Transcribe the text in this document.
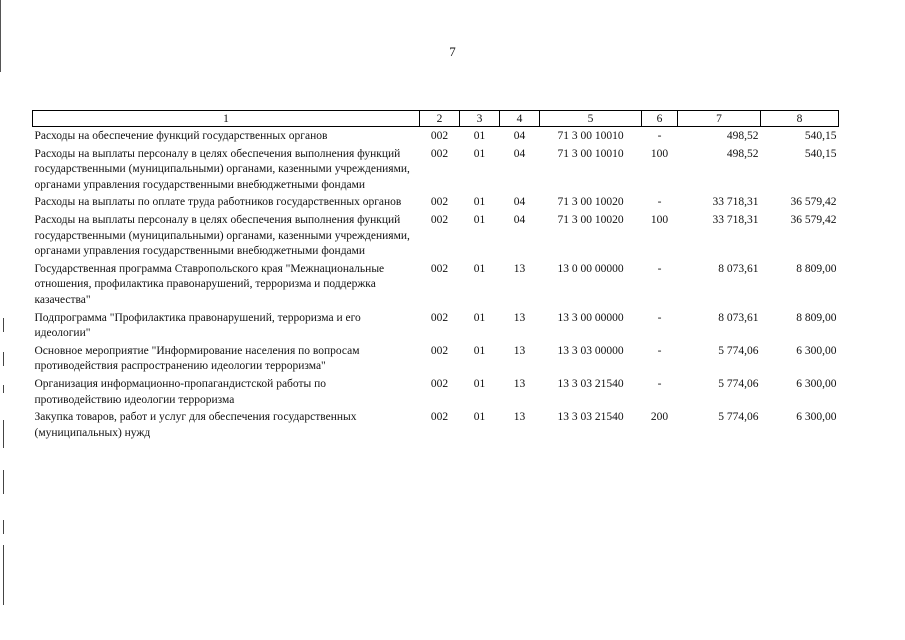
7
1	2	3	4	5	6	7	8
Расходы на обеспечение функций государственных органов	002	01	04	71 3 00 10010	-	498,52	540,15
Расходы на выплаты персоналу в целях обеспечения выполнения функций государственными (муниципальными) органами, казенными учреждениями, органами управления государственными внебюджетными фондами	002	01	04	71 3 00 10010	100	498,52	540,15
Расходы на выплаты по оплате труда работников государственных органов	002	01	04	71 3 00 10020	-	33 718,31	36 579,42
Расходы на выплаты персоналу в целях обеспечения выполнения функций государственными (муниципальными) органами, казенными учреждениями, органами управления государственными внебюджетными фондами	002	01	04	71 3 00 10020	100	33 718,31	36 579,42
Государственная программа Ставропольского края "Межнациональные отношения, профилактика правонарушений, терроризма и поддержка казачества"	002	01	13	13 0 00 00000	-	8 073,61	8 809,00
Подпрограмма "Профилактика правонарушений, терроризма и его идеологии"	002	01	13	13 3 00 00000	-	8 073,61	8 809,00
Основное мероприятие "Информирование населения по вопросам противодействия распространению идеологии терроризма"	002	01	13	13 3 03 00000	-	5 774,06	6 300,00
Организация информационно-пропагандистской работы по противодействию идеологии терроризма	002	01	13	13 3 03 21540	-	5 774,06	6 300,00
Закупка товаров, работ и услуг для обеспечения государственных (муниципальных) нужд	002	01	13	13 3 03 21540	200	5 774,06	6 300,00
